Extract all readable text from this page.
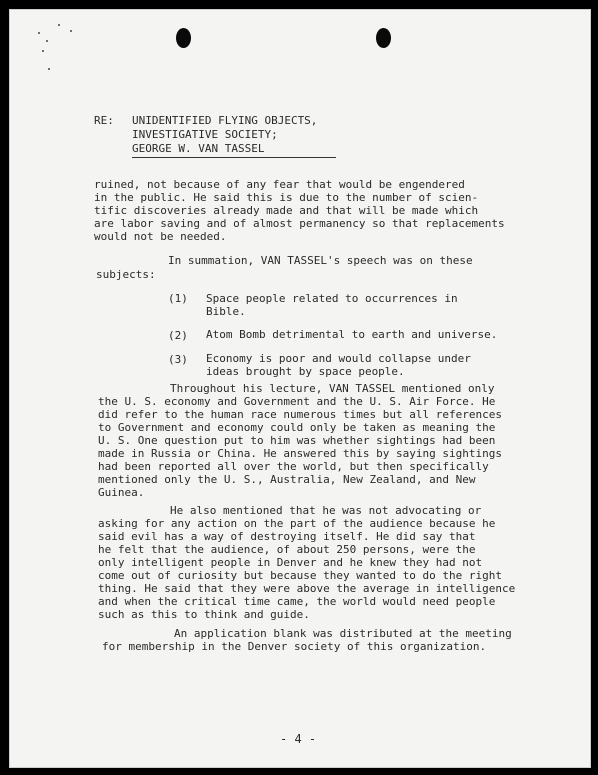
RE: UNIDENTIFIED FLYING OBJECTS,
INVESTIGATIVE SOCIETY;
GEORGE W. VAN TASSEL
ruined, not because of any fear that would be engendered
in the public. He said this is due to the number of scien-
tific discoveries already made and that will be made which
are labor saving and of almost permanency so that replacements
would not be needed.
In summation, VAN TASSEL's speech was on these
subjects:
(1) Space people related to occurrences in
Bible.
(2) Atom Bomb detrimental to earth and universe.
(3) Economy is poor and would collapse under
ideas brought by space people.
Throughout his lecture, VAN TASSEL mentioned only
the U. S. economy and Government and the U. S. Air Force. He
did refer to the human race numerous times but all references
to Government and economy could only be taken as meaning the
U. S. One question put to him was whether sightings had been
made in Russia or China. He answered this by saying sightings
had been reported all over the world, but then specifically
mentioned only the U. S., Australia, New Zealand, and New
Guinea.
He also mentioned that he was not advocating or
asking for any action on the part of the audience because he
said evil has a way of destroying itself. He did say that
he felt that the audience, of about 250 persons, were the
only intelligent people in Denver and he knew they had not
come out of curiosity but because they wanted to do the right
thing. He said that they were above the average in intelligence
and when the critical time came, the world would need people
such as this to think and guide.
An application blank was distributed at the meeting
for membership in the Denver society of this organization.
- 4 -
